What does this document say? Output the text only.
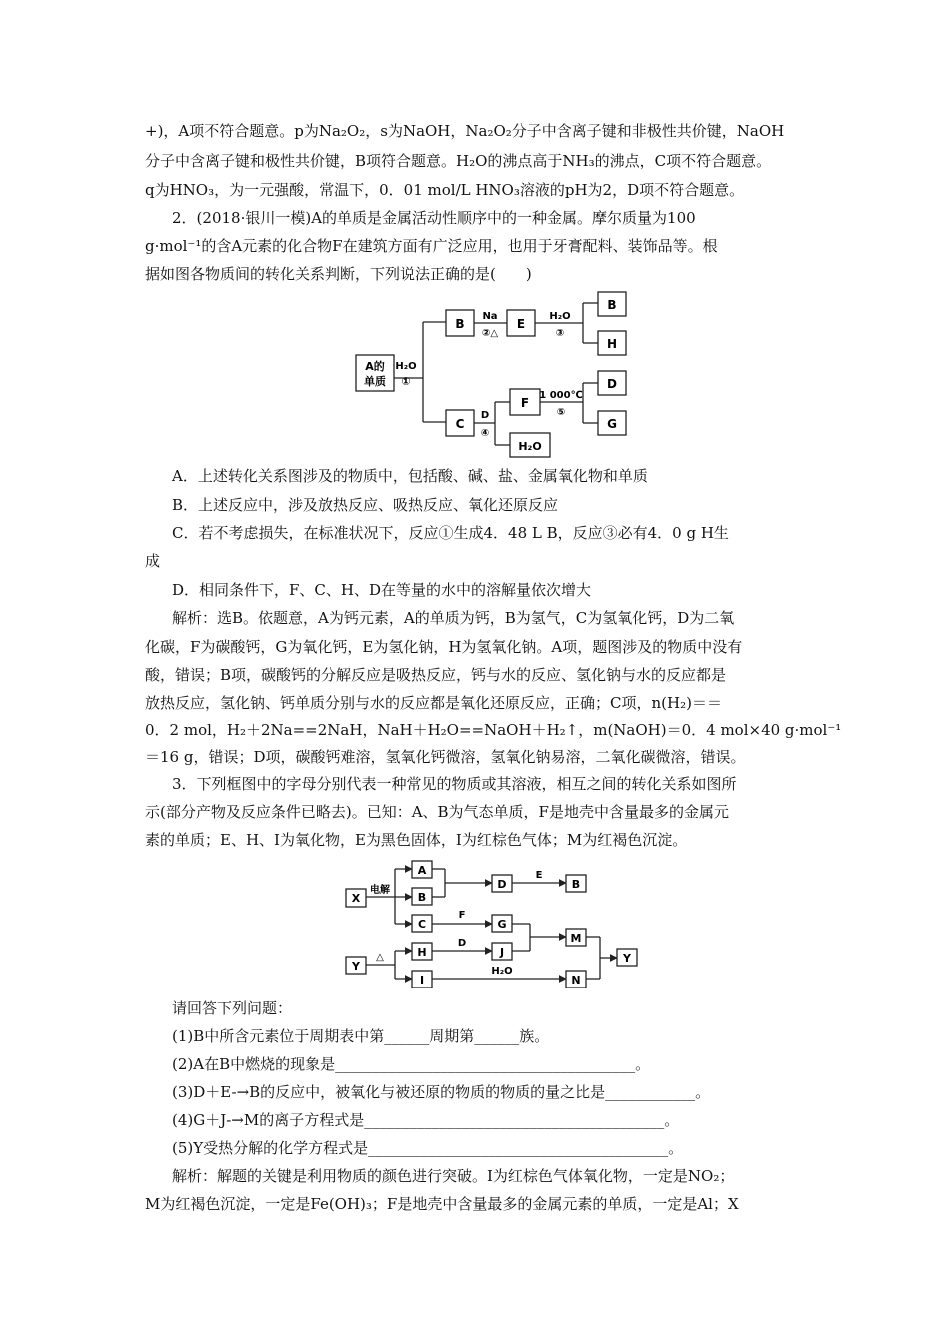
+)，A项不符合题意。p为Na₂O₂，s为NaOH，Na₂O₂分子中含离子键和非极性共价键，NaOH
分子中含离子键和极性共价键，B项符合题意。H₂O的沸点高于NH₃的沸点，C项不符合题意。
q为HNO₃，为一元强酸，常温下，0．01 mol/L HNO₃溶液的pH为2，D项不符合题意。
2．(2018·银川一模)A的单质是金属活动性顺序中的一种金属。摩尔质量为100
g·mol⁻¹的含A元素的化合物F在建筑方面有广泛应用，也用于牙膏配料、装饰品等。根
据如图各物质间的转化关系判断，下列说法正确的是(　　)
A的
单质
H₂O
①
B
Na
②△
E
H₂O
③
B
H
C
D
④
F
H₂O
1 000℃
⑤
D
G
A．上述转化关系图涉及的物质中，包括酸、碱、盐、金属氧化物和单质
B．上述反应中，涉及放热反应、吸热反应、氧化还原反应
C．若不考虑损失，在标准状况下，反应①生成4．48 L B，反应③必有4．0 g H生
成
D．相同条件下，F、C、H、D在等量的水中的溶解量依次增大
解析：选B。依题意，A为钙元素，A的单质为钙，B为氢气，C为氢氧化钙，D为二氧
化碳，F为碳酸钙，G为氧化钙，E为氢化钠，H为氢氧化钠。A项，题图涉及的物质中没有
酸，错误；B项，碳酸钙的分解反应是吸热反应，钙与水的反应、氢化钠与水的反应都是
放热反应，氢化钠、钙单质分别与水的反应都是氧化还原反应，正确；C项，n(H₂)＝＝
0．2 mol，H₂＋2Na==2NaH，NaH＋H₂O==NaOH＋H₂↑，m(NaOH)＝0．4 mol×40 g·mol⁻¹
＝16 g，错误；D项，碳酸钙难溶，氢氧化钙微溶，氢氧化钠易溶，二氧化碳微溶，错误。
3．下列框图中的字母分别代表一种常见的物质或其溶液，相互之间的转化关系如图所
示(部分产物及反应条件已略去)。已知：A、B为气态单质，F是地壳中含量最多的金属元
素的单质；E、H、I为氧化物，E为黑色固体，I为红棕色气体；M为红褐色沉淀。
X
电解
A
B
C
D
E
B
F
G
M
Y
△	H
I
D
J
H₂O
N
Y
请回答下列问题：
(1)B中所含元素位于周期表中第______周期第______族。
(2)A在B中燃烧的现象是________________________________________。
(3)D＋E-→B的反应中，被氧化与被还原的物质的物质的量之比是____________。
(4)G＋J-→M的离子方程式是________________________________________。
(5)Y受热分解的化学方程式是________________________________________。
解析：解题的关键是利用物质的颜色进行突破。I为红棕色气体氧化物，一定是NO₂；
M为红褐色沉淀，一定是Fe(OH)₃；F是地壳中含量最多的金属元素的单质，一定是Al；X
